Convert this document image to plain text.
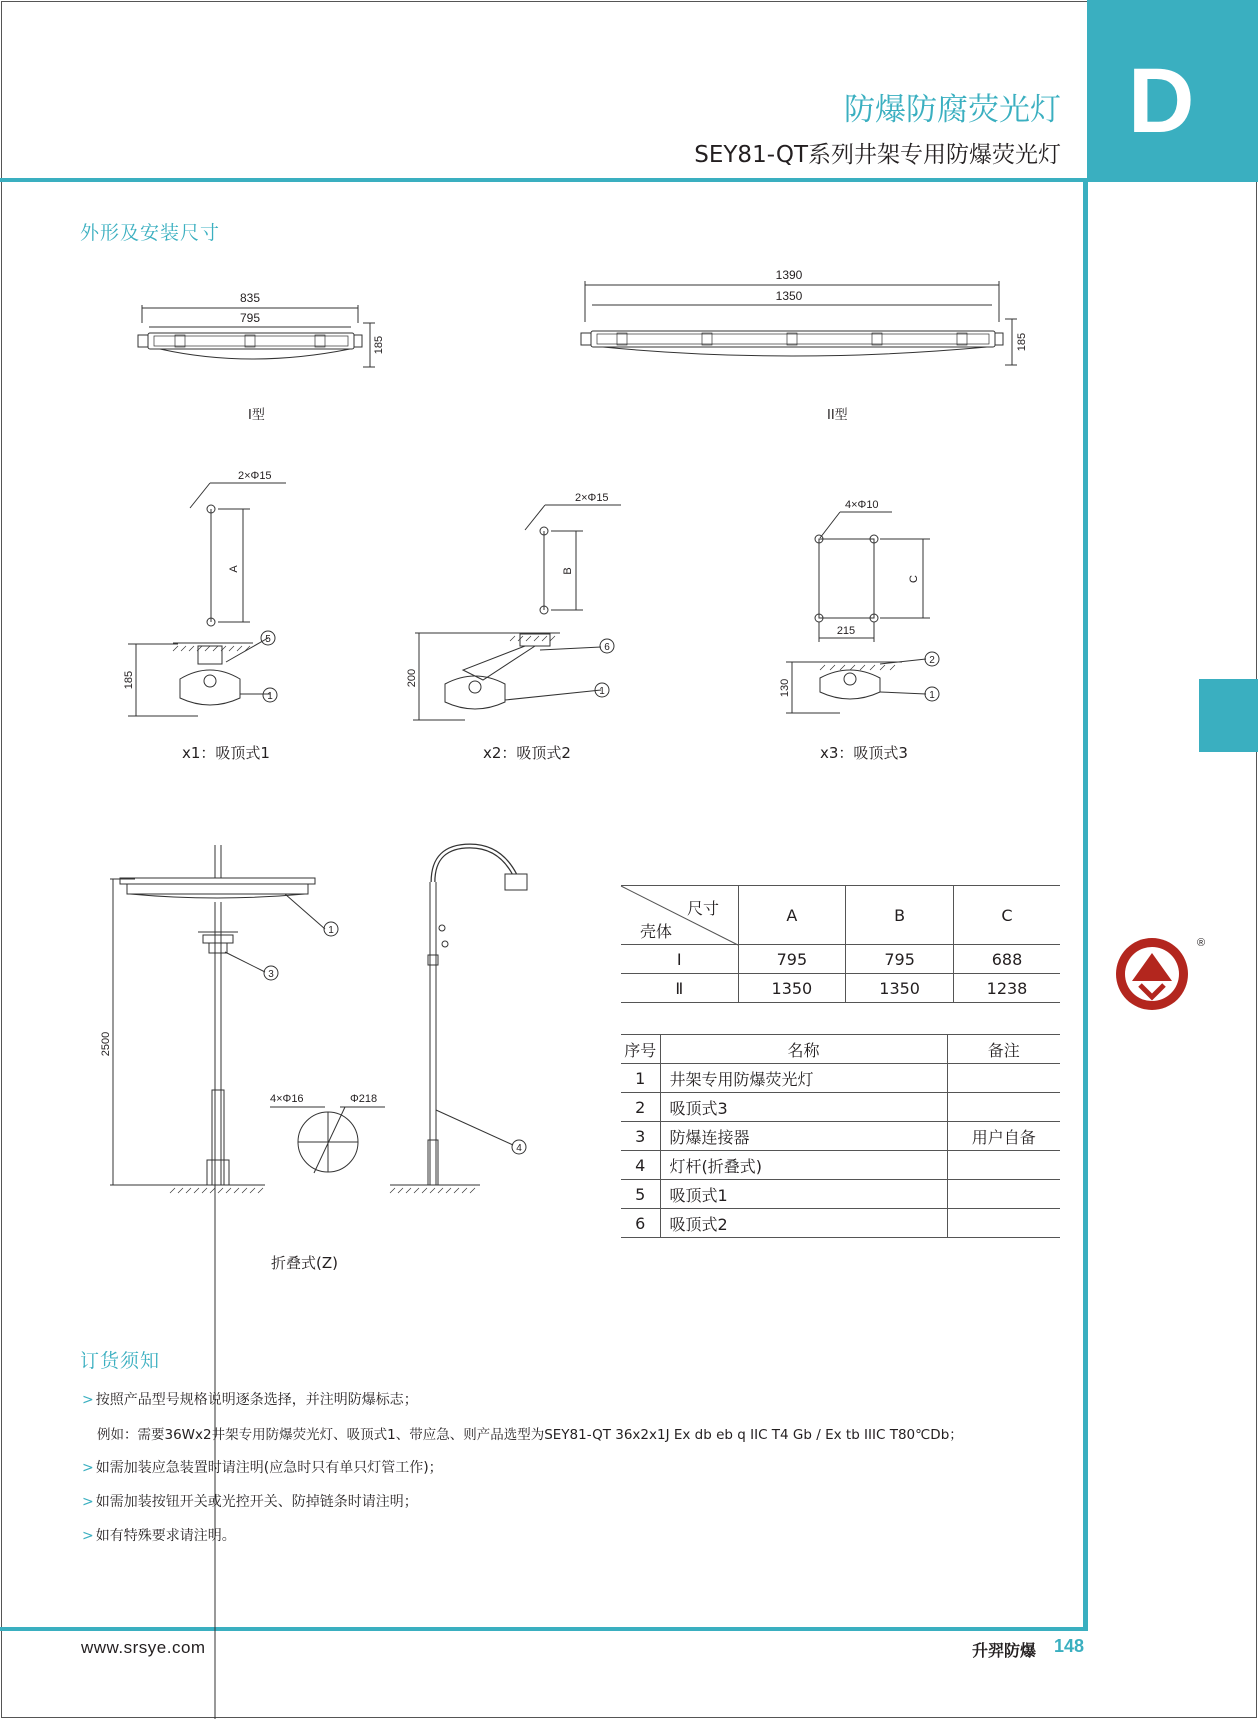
D
防爆防腐荧光灯
SEY81-QT系列井架专用防爆荧光灯
外形及安装尺寸
835
795
185
I型
1390
1350
185
II型
2×Φ15
A
185
5
1
x1：吸顶式1
2×Φ15
B
200
6
1
x2：吸顶式2
4×Φ10
C
215
130
2
1
x3：吸顶式3
2500
1
3
4×Φ16	Φ218
4
折叠式(Z)
尺寸
壳体	A	B	C
Ⅰ	795	795	688
Ⅱ	1350	1350	1238
序号	名称	备注
1	井架专用防爆荧光灯	
2	吸顶式3	
3	防爆连接器	用户自备
4	灯杆(折叠式)	
5	吸顶式1	
6	吸顶式2	
®
订货须知
> 按照产品型号规格说明逐条选择，并注明防爆标志；
例如：需要36Wx2井架专用防爆荧光灯、吸顶式1、带应急、则产品选型为SEY81-QT 36x2x1J Ex db eb q IIC T4 Gb / Ex tb IIIC T80℃Db；
> 如需加装应急装置时请注明(应急时只有单只灯管工作)；
> 如需加装按钮开关或光控开关、防掉链条时请注明；
> 如有特殊要求请注明。
www.srsye.com	升羿防爆 148
